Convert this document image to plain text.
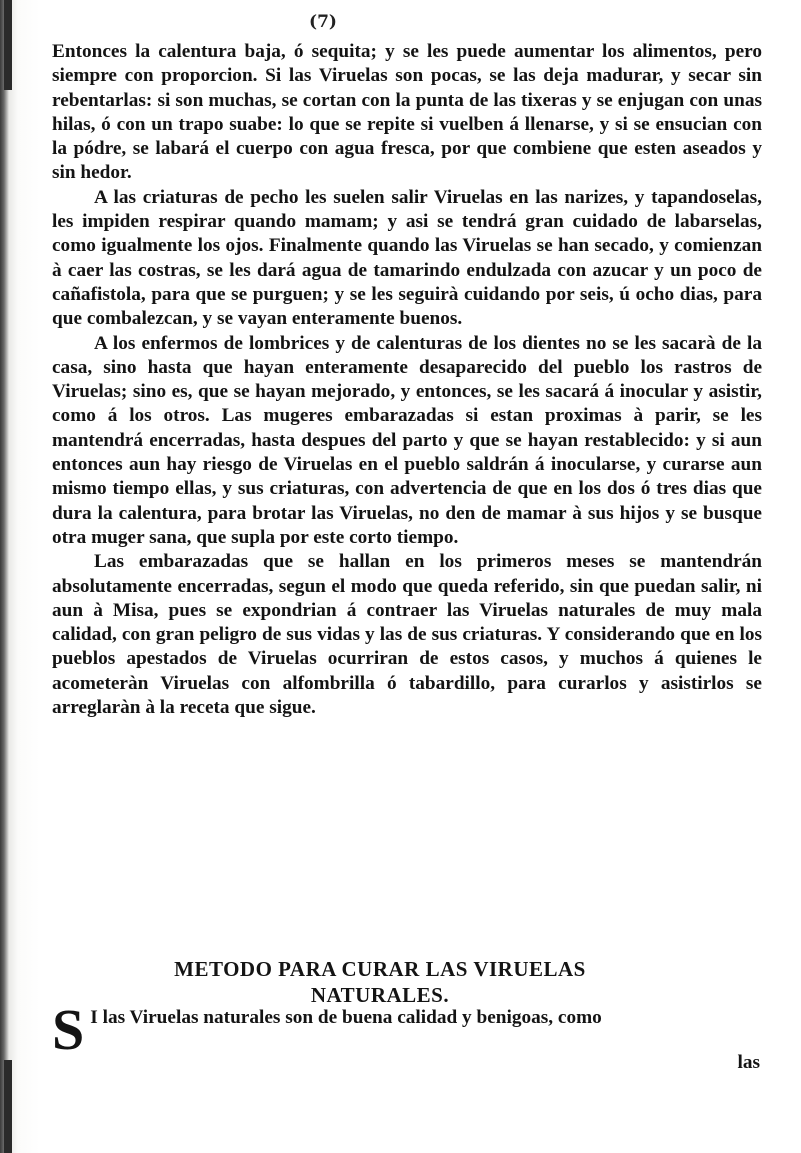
(7)

Entonces la calentura baja, ó sequita; y se les puede aumentar los alimentos, pero siempre con proporcion. Si las Viruelas son pocas, se las deja madurar, y secar sin rebentarlas: si son muchas, se cortan con la punta de las tixeras y se enjugan con unas hilas, ó con un trapo suabe: lo que se repite si vuelben á llenarse, y si se ensucian con la pódre, se labará el cuerpo con agua fresca, por que combiene que esten aseados y sin hedor.

A las criaturas de pecho les suelen salir Viruelas en las narizes, y tapandoselas, les impiden respirar quando mamam; y asi se tendrá gran cuidado de labarselas, como igualmente los ojos. Finalmente quando las Viruelas se han secado, y comienzan à caer las costras, se les dará agua de tamarindo endulzada con azucar y un poco de cañafistola, para que se purguen; y se les seguirà cuidando por seis, ú ocho dias, para que combalezcan, y se vayan enteramente buenos.

A los enfermos de lombrices y de calenturas de los dientes no se les sacarà de la casa, sino hasta que hayan enteramente desaparecido del pueblo los rastros de Viruelas; sino es, que se hayan mejorado, y entonces, se les sacará á inocular y asistir, como á los otros. Las mugeres embarazadas si estan proximas à parir, se les mantendrá encerradas, hasta despues del parto y que se hayan restablecido: y si aun entonces aun hay riesgo de Viruelas en el pueblo saldrán á inocularse, y curarse aun mismo tiempo ellas, y sus criaturas, con advertencia de que en los dos ó tres dias que dura la calentura, para brotar las Viruelas, no den de mamar à sus hijos y se busque otra muger sana, que supla por este corto tiempo.

Las embarazadas que se hallan en los primeros meses se mantendrán absolutamente encerradas, segun el modo que queda referido, sin que puedan salir, ni aun à Misa, pues se expondrian á contraer las Viruelas naturales de muy mala calidad, con gran peligro de sus vidas y las de sus criaturas. Y considerando que en los pueblos apestados de Viruelas ocurriran de estos casos, y muchos á quienes le acometeràn Viruelas con alfombrilla ó tabardillo, para curarlos y asistirlos se arreglaràn à la receta que sigue.

METODO PARA CURAR LAS VIRUELAS
NATURALES.
S I las Viruelas naturales son de buena calidad y benigoas, como
las
